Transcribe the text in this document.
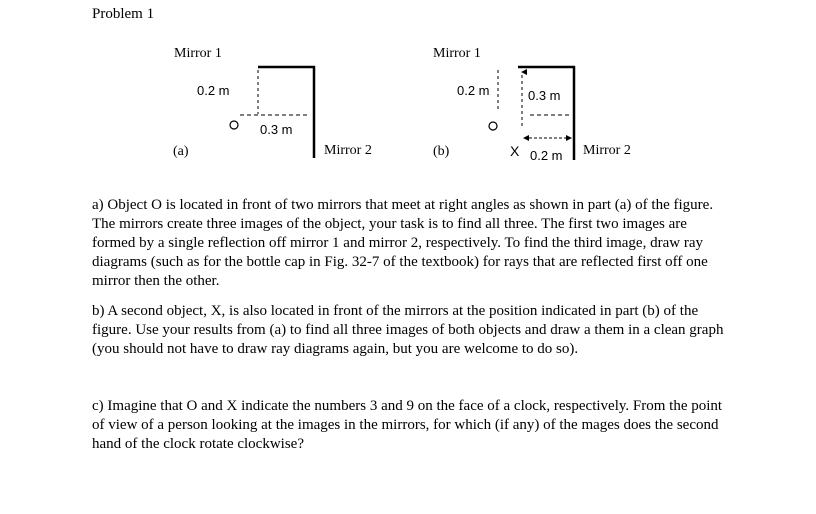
Problem 1
Mirror 1
0.2 m
0.3 m
(a)	Mirror 2
Mirror 1
0.2 m	0.3 m
X 0.2 m
(b)	Mirror 2

a) Object O is located in front of two mirrors that meet at right angles as shown in part (a) of the figure. The mirrors create three images of the object, your task is to find all three. The first two images are formed by a single reflection off mirror 1 and mirror 2, respectively. To find the third image, draw ray diagrams (such as for the bottle cap in Fig. 32-7 of the textbook) for rays that are reflected first off one mirror then the other.

b) A second object, X, is also located in front of the mirrors at the position indicated in part (b) of the figure. Use your results from (a) to find all three images of both objects and draw a them in a clean graph (you should not have to draw ray diagrams again, but you are welcome to do so).

c) Imagine that O and X indicate the numbers 3 and 9 on the face of a clock, respectively. From the point of view of a person looking at the images in the mirrors, for which (if any) of the mages does the second hand of the clock rotate clockwise?
